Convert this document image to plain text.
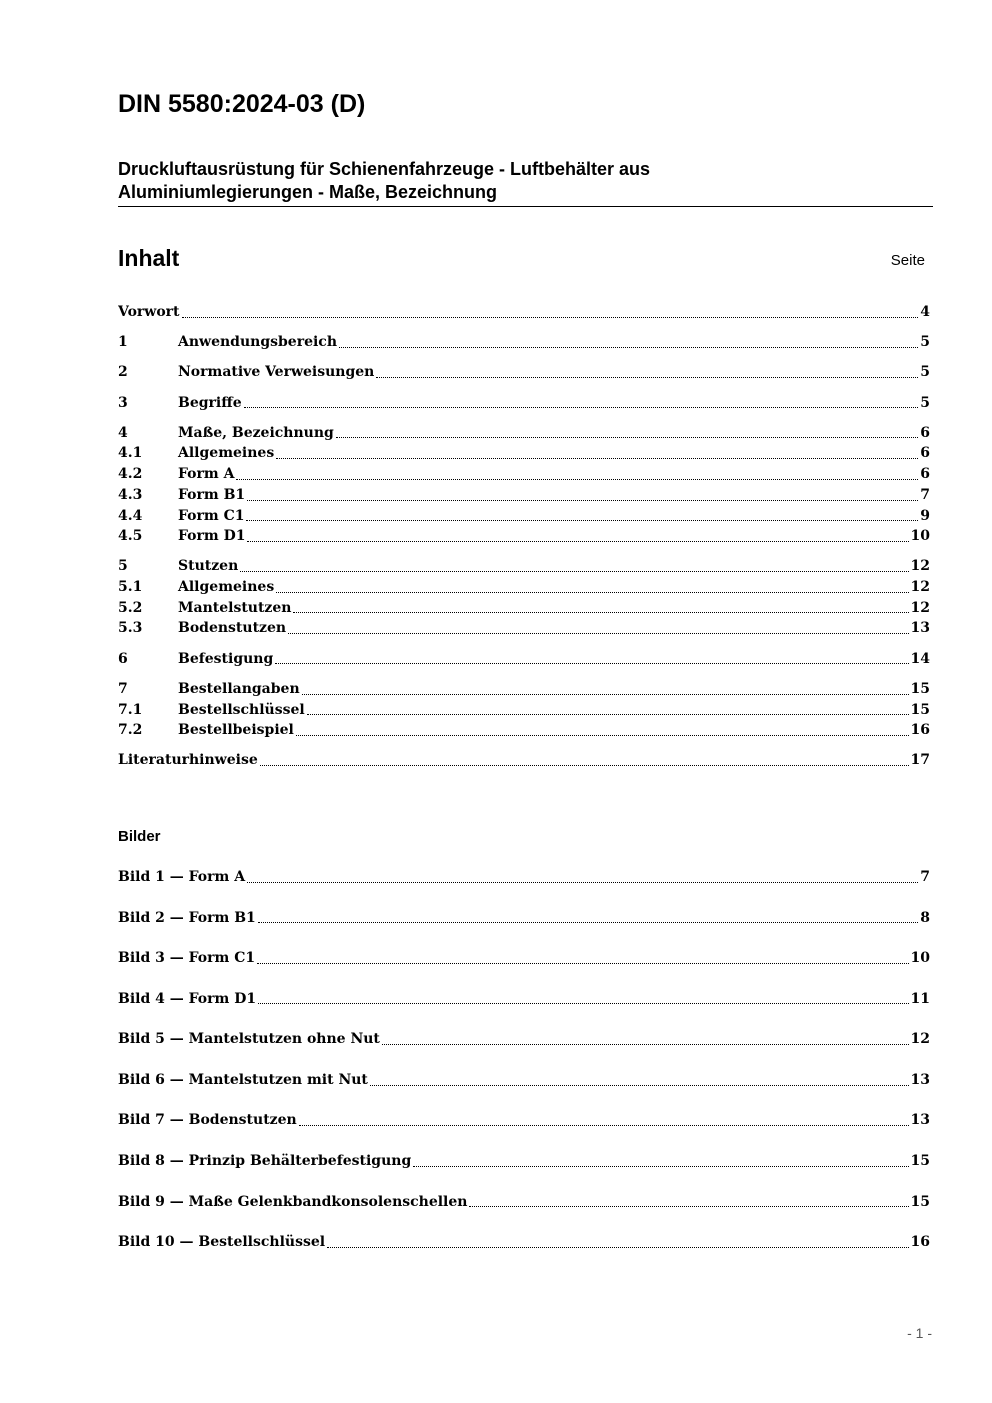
DIN 5580:2024-03 (D)
Druckluftausrüstung für Schienenfahrzeuge - Luftbehälter aus
Aluminiumlegierungen - Maße, Bezeichnung
Inhalt	Seite
Vorwort	4
1	Anwendungsbereich	5
2	Normative Verweisungen	5
3	Begriffe	5
4	Maße, Bezeichnung	6
4.1	Allgemeines	6
4.2	Form A	6
4.3	Form B1	7
4.4	Form C1	9
4.5	Form D1	10
5	Stutzen	12
5.1	Allgemeines	12
5.2	Mantelstutzen	12
5.3	Bodenstutzen	13
6	Befestigung	14
7	Bestellangaben	15
7.1	Bestellschlüssel	15
7.2	Bestellbeispiel	16
Literaturhinweise	17
Bilder
Bild 1 — Form A	7
Bild 2 — Form B1	8
Bild 3 — Form C1	10
Bild 4 — Form D1	11
Bild 5 — Mantelstutzen ohne Nut	12
Bild 6 — Mantelstutzen mit Nut	13
Bild 7 — Bodenstutzen	13
Bild 8 — Prinzip Behälterbefestigung	15
Bild 9 — Maße Gelenkbandkonsolenschellen	15
Bild 10 — Bestellschlüssel	16
- 1 -
